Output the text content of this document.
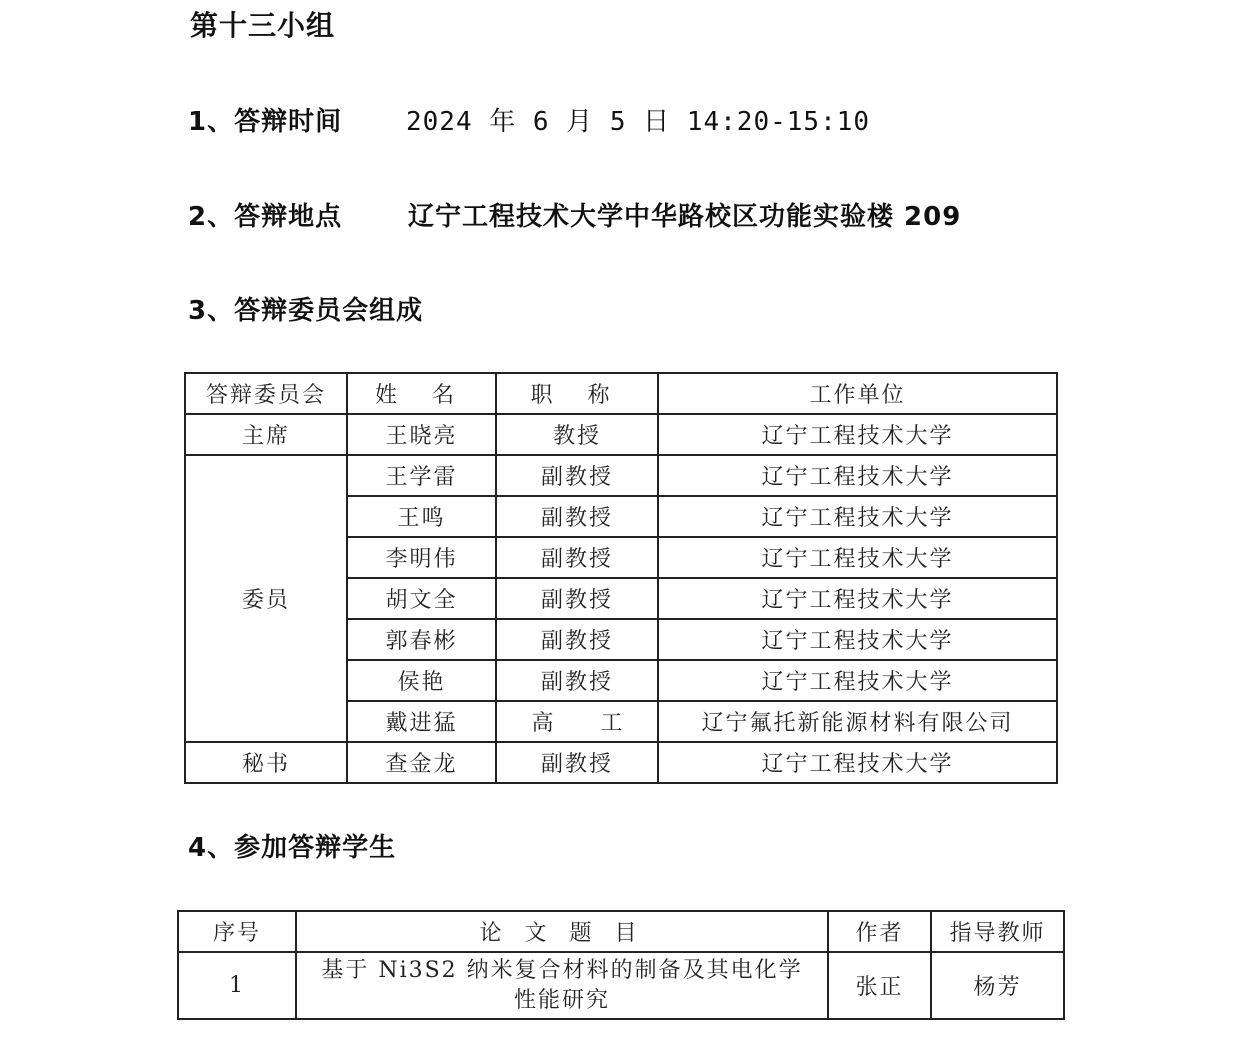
第十三小组
1、答辩时间 2024 年 6 月 5 日 14:20-15:10
2、答辩地点	辽宁工程技术大学中华路校区功能实验楼 209
3、答辩委员会组成
答辩委员会	姓 名	职 称	工作单位
主席	王晓亮	教授	辽宁工程技术大学
委员	王学雷	副教授	辽宁工程技术大学
	王鸣	副教授	辽宁工程技术大学
	李明伟	副教授	辽宁工程技术大学
	胡文全	副教授	辽宁工程技术大学
	郭春彬	副教授	辽宁工程技术大学
	侯艳	副教授	辽宁工程技术大学
	戴进猛	高 工	辽宁氟托新能源材料有限公司
秘书	查金龙	副教授	辽宁工程技术大学
4、参加答辩学生
序号	论 文 题 目	作者	指导教师
1	基于 Ni3S2 纳米复合材料的制备及其电化学性能研究	张正	杨芳
